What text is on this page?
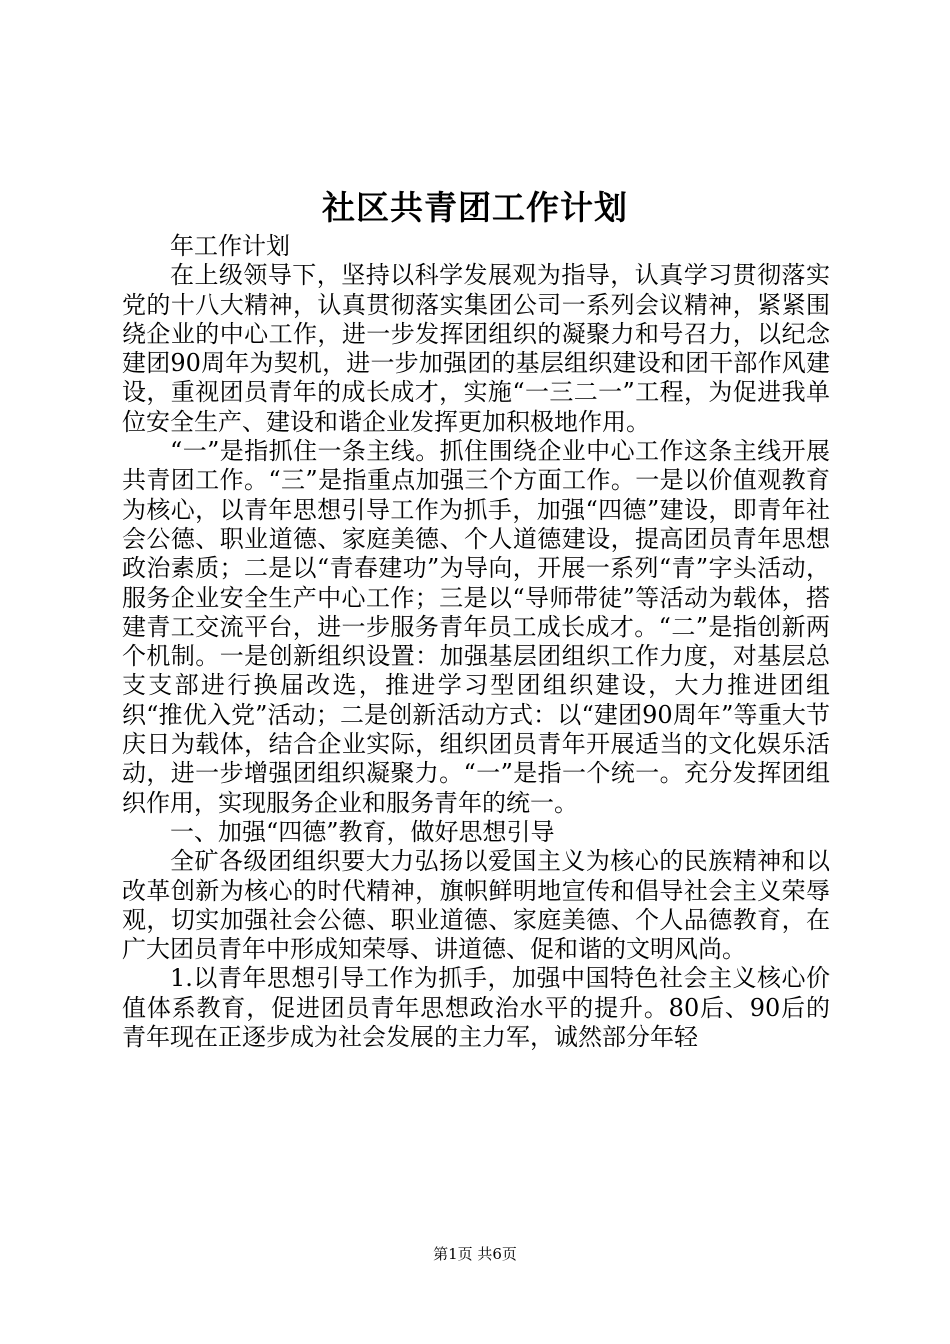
社区共青团工作计划

年工作计划

在上级领导下，坚持以科学发展观为指导，认真学习贯彻落实党的十八大精神，认真贯彻落实集团公司一系列会议精神，紧紧围绕企业的中心工作，进一步发挥团组织的凝聚力和号召力，以纪念建团90周年为契机，进一步加强团的基层组织建设和团干部作风建设，重视团员青年的成长成才，实施“一三二一”工程，为促进我单位安全生产、建设和谐企业发挥更加积极地作用。

“一”是指抓住一条主线。抓住围绕企业中心工作这条主线开展共青团工作。“三”是指重点加强三个方面工作。一是以价值观教育为核心，以青年思想引导工作为抓手，加强“四德”建设，即青年社会公德、职业道德、家庭美德、个人道德建设，提高团员青年思想政治素质；二是以“青春建功”为导向，开展一系列“青”字头活动，服务企业安全生产中心工作；三是以“导师带徒”等活动为载体，搭建青工交流平台，进一步服务青年员工成长成才。“二”是指创新两个机制。一是创新组织设置：加强基层团组织工作力度，对基层总支支部进行换届改选，推进学习型团组织建设，大力推进团组织“推优入党”活动；二是创新活动方式：以“建团90周年”等重大节庆日为载体，结合企业实际，组织团员青年开展适当的文化娱乐活动，进一步增强团组织凝聚力。“一”是指一个统一。充分发挥团组织作用，实现服务企业和服务青年的统一。

一、加强“四德”教育，做好思想引导

全矿各级团组织要大力弘扬以爱国主义为核心的民族精神和以改革创新为核心的时代精神，旗帜鲜明地宣传和倡导社会主义荣辱观，切实加强社会公德、职业道德、家庭美德、个人品德教育，在广大团员青年中形成知荣辱、讲道德、促和谐的文明风尚。

1.以青年思想引导工作为抓手，加强中国特色社会主义核心价值体系教育，促进团员青年思想政治水平的提升。80后、90后的青年现在正逐步成为社会发展的主力军，诚然部分年轻

第1页 共6页
